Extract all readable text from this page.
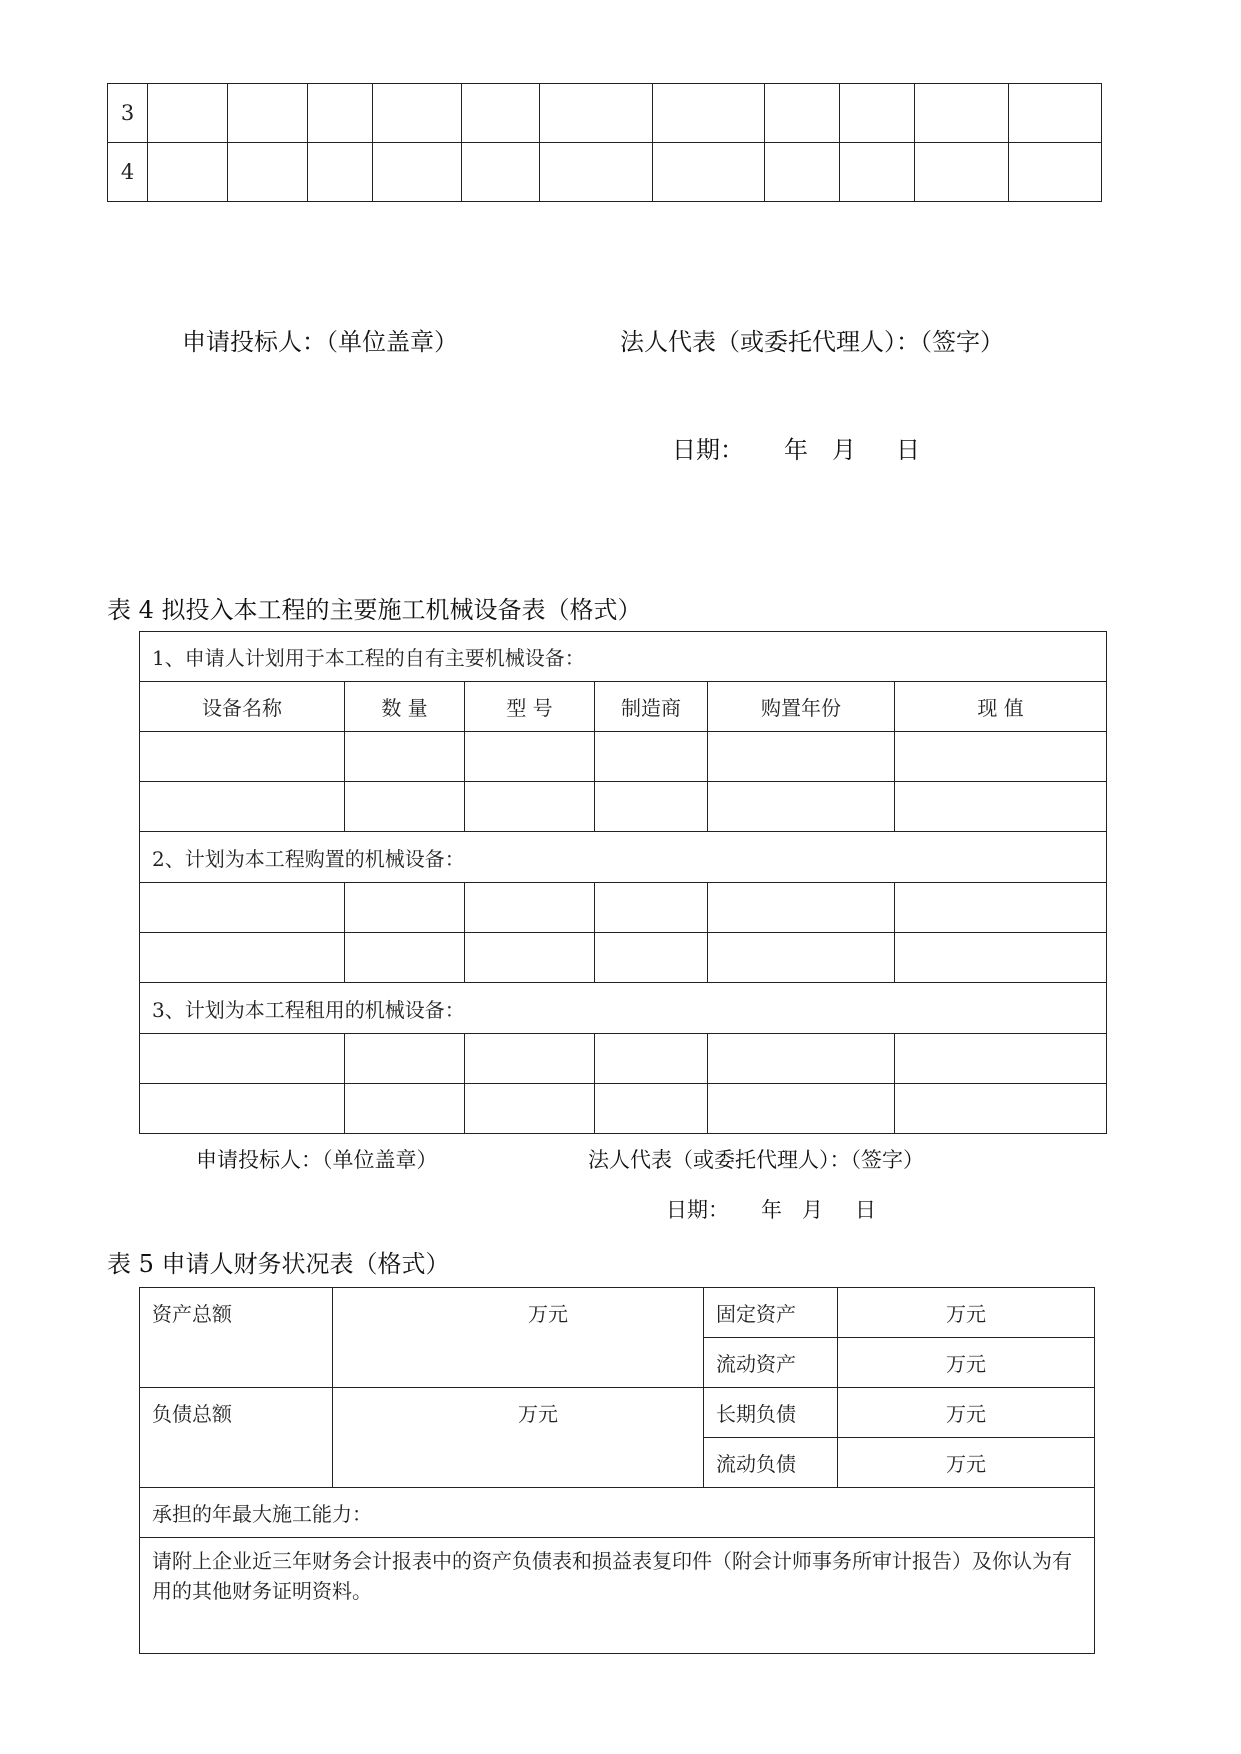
3											
4											
申请投标人：（单位盖章）	法人代表（或委托代理人）：（签字）
日期： 年 月 日
表 4 拟投入本工程的主要施工机械设备表（格式）
1、申请人计划用于本工程的自有主要机械设备：					
设备名称	数 量	型 号	制造商	购置年份	现 值

2、计划为本工程购置的机械设备：					

3、计划为本工程租用的机械设备：					

申请投标人：（单位盖章）	法人代表（或委托代理人）：（签字）
日期： 年 月 日
表 5 申请人财务状况表（格式）
资产总额	万元	固定资产	万元
		流动资产	万元
负债总额	万元	长期负债	万元
		流动负债	万元
承担的年最大施工能力：			
请附上企业近三年财务会计报表中的资产负债表和损益表复印件（附会计师事务所审计报告）及你认为有用的其他财务证明资料。			
